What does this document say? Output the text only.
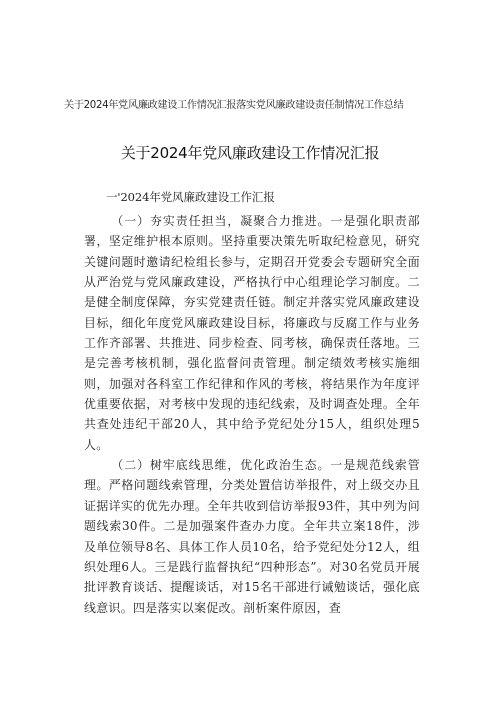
关于2024年党风廉政建设工作情况汇报落实党风廉政建设责任制情况工作总结
关于2024年党风廉政建设工作情况汇报
一'2024年党风廉政建设工作汇报

（一）夯实责任担当，凝聚合力推进。一是强化职责部署，坚定维护根本原则。坚持重要决策先听取纪检意见，研究关键问题时邀请纪检组长参与，定期召开党委会专题研究全面从严治党与党风廉政建设，严格执行中心组理论学习制度。二是健全制度保障，夯实党建责任链。制定并落实党风廉政建设目标，细化年度党风廉政建设目标，将廉政与反腐工作与业务工作齐部署、共推进、同步检查、同考核，确保责任落地。三是完善考核机制，强化监督问责管理。制定绩效考核实施细则，加强对各科室工作纪律和作风的考核，将结果作为年度评优重要依据，对考核中发现的违纪线索，及时调查处理。全年共查处违纪干部20人，其中给予党纪处分15人，组织处理5人。

（二）树牢底线思维，优化政治生态。一是规范线索管理。严格问题线索管理，分类处置信访举报件，对上级交办且证据详实的优先办理。全年共收到信访举报93件，其中列为问题线索30件。二是加强案件查办力度。全年共立案18件，涉及单位领导8名、具体工作人员10名，给予党纪处分12人，组织处理6人。三是践行监督执纪“四种形态”。对30名党员开展批评教育谈话、提醒谈话，对15名干部进行诫勉谈话，强化底线意识。四是落实以案促改。剖析案件原因，查
